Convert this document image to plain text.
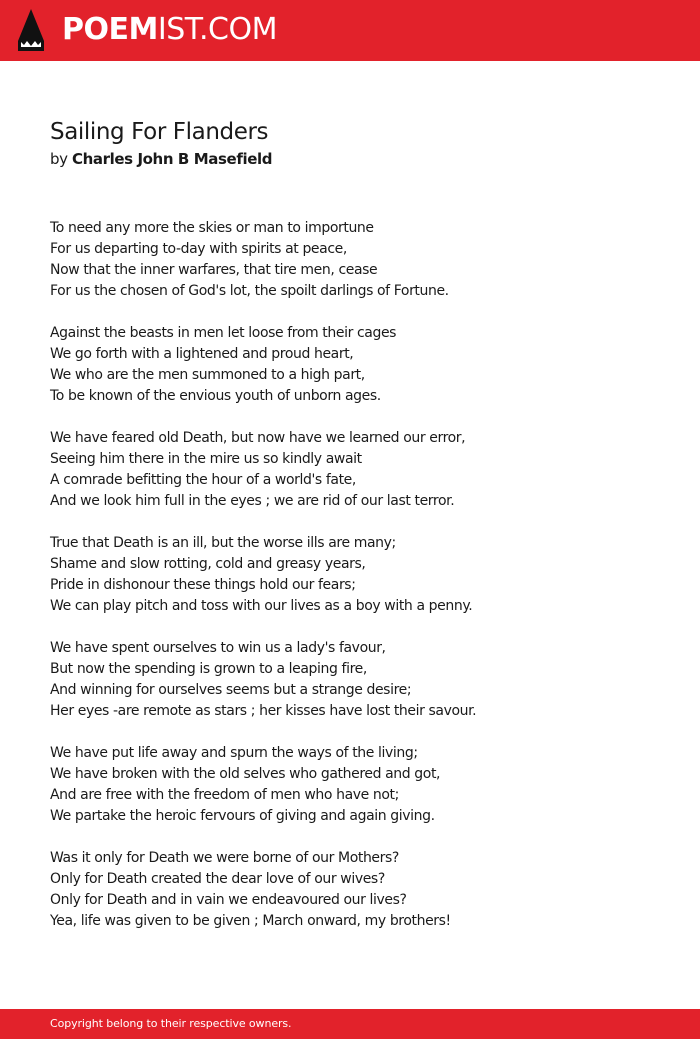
POEMIST.COM
Sailing For Flanders
by Charles John B Masefield
To need any more the skies or man to importune
For us departing to-day with spirits at peace,
Now that the inner warfares, that tire men, cease
For us the chosen of God's lot, the spoilt darlings of Fortune.
Against the beasts in men let loose from their cages
We go forth with a lightened and proud heart,
We who are the men summoned to a high part,
To be known of the envious youth of unborn ages.
We have feared old Death, but now have we learned our error,
Seeing him there in the mire us so kindly await
A comrade befitting the hour of a world's fate,
And we look him full in the eyes ; we are rid of our last terror.
True that Death is an ill, but the worse ills are many;
Shame and slow rotting, cold and greasy years,
Pride in dishonour these things hold our fears;
We can play pitch and toss with our lives as a boy with a penny.
We have spent ourselves to win us a lady's favour,
But now the spending is grown to a leaping fire,
And winning for ourselves seems but a strange desire;
Her eyes -are remote as stars ; her kisses have lost their savour.
We have put life away and spurn the ways of the living;
We have broken with the old selves who gathered and got,
And are free with the freedom of men who have not;
We partake the heroic fervours of giving and again giving.
Was it only for Death we were borne of our Mothers?
Only for Death created the dear love of our wives?
Only for Death and in vain we endeavoured our lives?
Yea, life was given to be given ; March onward, my brothers!
Copyright belong to their respective owners.
